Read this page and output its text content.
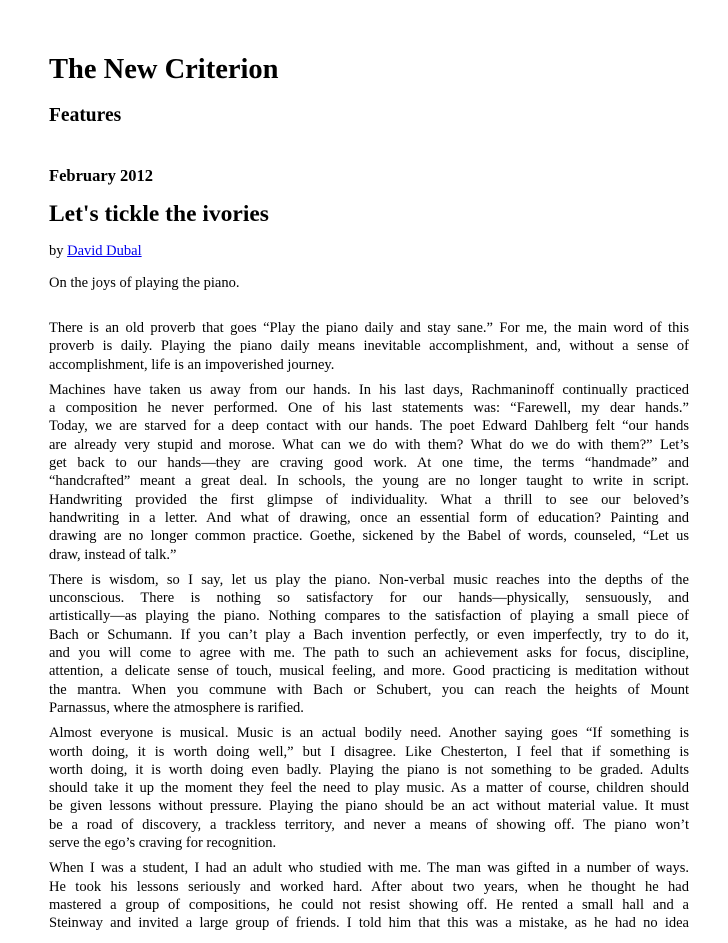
The New Criterion
Features
February 2012
Let's tickle the ivories
by David Dubal
On the joys of playing the piano.

There is an old proverb that goes “Play the piano daily and stay sane.” For me, the main word of this
proverb is daily. Playing the piano daily means inevitable accomplishment, and, without a sense of
accomplishment, life is an impoverished journey.

Machines have taken us away from our hands. In his last days, Rachmaninoff continually practiced
a composition he never performed. One of his last statements was: “Farewell, my dear hands.”
Today, we are starved for a deep contact with our hands. The poet Edward Dahlberg felt “our hands
are already very stupid and morose. What can we do with them? What do we do with them?” Let’s
get back to our hands—they are craving good work. At one time, the terms “handmade” and
“handcrafted” meant a great deal. In schools, the young are no longer taught to write in script.
Handwriting provided the first glimpse of individuality. What a thrill to see our beloved’s
handwriting in a letter. And what of drawing, once an essential form of education? Painting and
drawing are no longer common practice. Goethe, sickened by the Babel of words, counseled, “Let us
draw, instead of talk.”

There is wisdom, so I say, let us play the piano. Non-verbal music reaches into the depths of the
unconscious. There is nothing so satisfactory for our hands—physically, sensuously, and
artistically—as playing the piano. Nothing compares to the satisfaction of playing a small piece of
Bach or Schumann. If you can’t play a Bach invention perfectly, or even imperfectly, try to do it,
and you will come to agree with me. The path to such an achievement asks for focus, discipline,
attention, a delicate sense of touch, musical feeling, and more. Good practicing is meditation without
the mantra. When you commune with Bach or Schubert, you can reach the heights of Mount
Parnassus, where the atmosphere is rarified.

Almost everyone is musical. Music is an actual bodily need. Another saying goes “If something is
worth doing, it is worth doing well,” but I disagree. Like Chesterton, I feel that if something is
worth doing, it is worth doing even badly. Playing the piano is not something to be graded. Adults
should take it up the moment they feel the need to play music. As a matter of course, children should
be given lessons without pressure. Playing the piano should be an act without material value. It must
be a road of discovery, a trackless territory, and never a means of showing off. The piano won’t
serve the ego’s craving for recognition.

When I was a student, I had an adult who studied with me. The man was gifted in a number of ways.
He took his lessons seriously and worked hard. After about two years, when he thought he had
mastered a group of compositions, he could not resist showing off. He rented a small hall and a
Steinway and invited a large group of friends. I told him that this was a mistake, as he had no idea
